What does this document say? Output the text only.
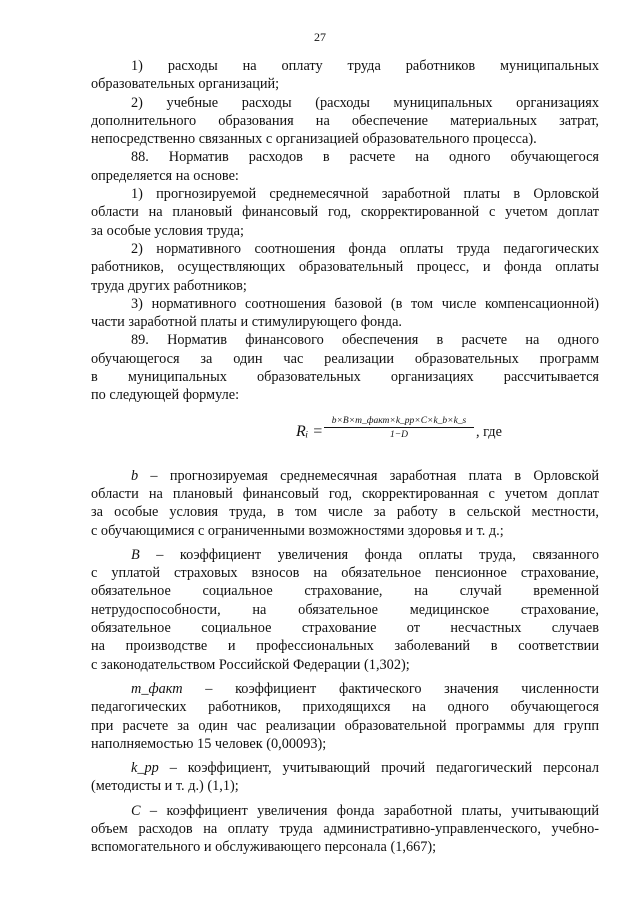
27
1) расходы на оплату труда работников муниципальных
образовательных организаций;
2) учебные расходы (расходы муниципальных организациях
дополнительного образования на обеспечение материальных затрат,
непосредственно связанных с организацией образовательного процесса).
88. Норматив расходов в расчете на одного обучающегося
определяется на основе:
1) прогнозируемой среднемесячной заработной платы в Орловской
области на плановый финансовый год, скорректированной с учетом доплат
за особые условия труда;
2) нормативного соотношения фонда оплаты труда педагогических
работников, осуществляющих образовательный процесс, и фонда оплаты
труда других работников;
3) нормативного соотношения базовой (в том числе компенсационной)
части заработной платы и стимулирующего фонда.
89. Норматив финансового обеспечения в расчете на одного
обучающегося за один час реализации образовательных программ
в муниципальных образовательных организациях рассчитывается
по следующей формуле:
Rᵢ =
b×B×m_факт×k_pp×C×k_b×k_s
1−D	, где
b – прогнозируемая среднемесячная заработная плата в Орловской
области на плановый финансовый год, скорректированная с учетом доплат
за особые условия труда, в том числе за работу в сельской местности,
с обучающимися с ограниченными возможностями здоровья и т. д.;
B – коэффициент увеличения фонда оплаты труда, связанного
с уплатой страховых взносов на обязательное пенсионное страхование,
обязательное социальное страхование, на случай временной
нетрудоспособности, на обязательное медицинское страхование,
обязательное социальное страхование от несчастных случаев
на производстве и профессиональных заболеваний в соответствии
с законодательством Российской Федерации (1,302);
m_факт – коэффициент фактического значения численности
педагогических работников, приходящихся на одного обучающегося
при расчете за один час реализации образовательной программы для групп
наполняемостью 15 человек (0,00093);
k_pp – коэффициент, учитывающий прочий педагогический персонал
(методисты и т. д.) (1,1);
C – коэффициент увеличения фонда заработной платы, учитывающий
объем расходов на оплату труда административно-управленческого, учебно-
вспомогательного и обслуживающего персонала (1,667);
